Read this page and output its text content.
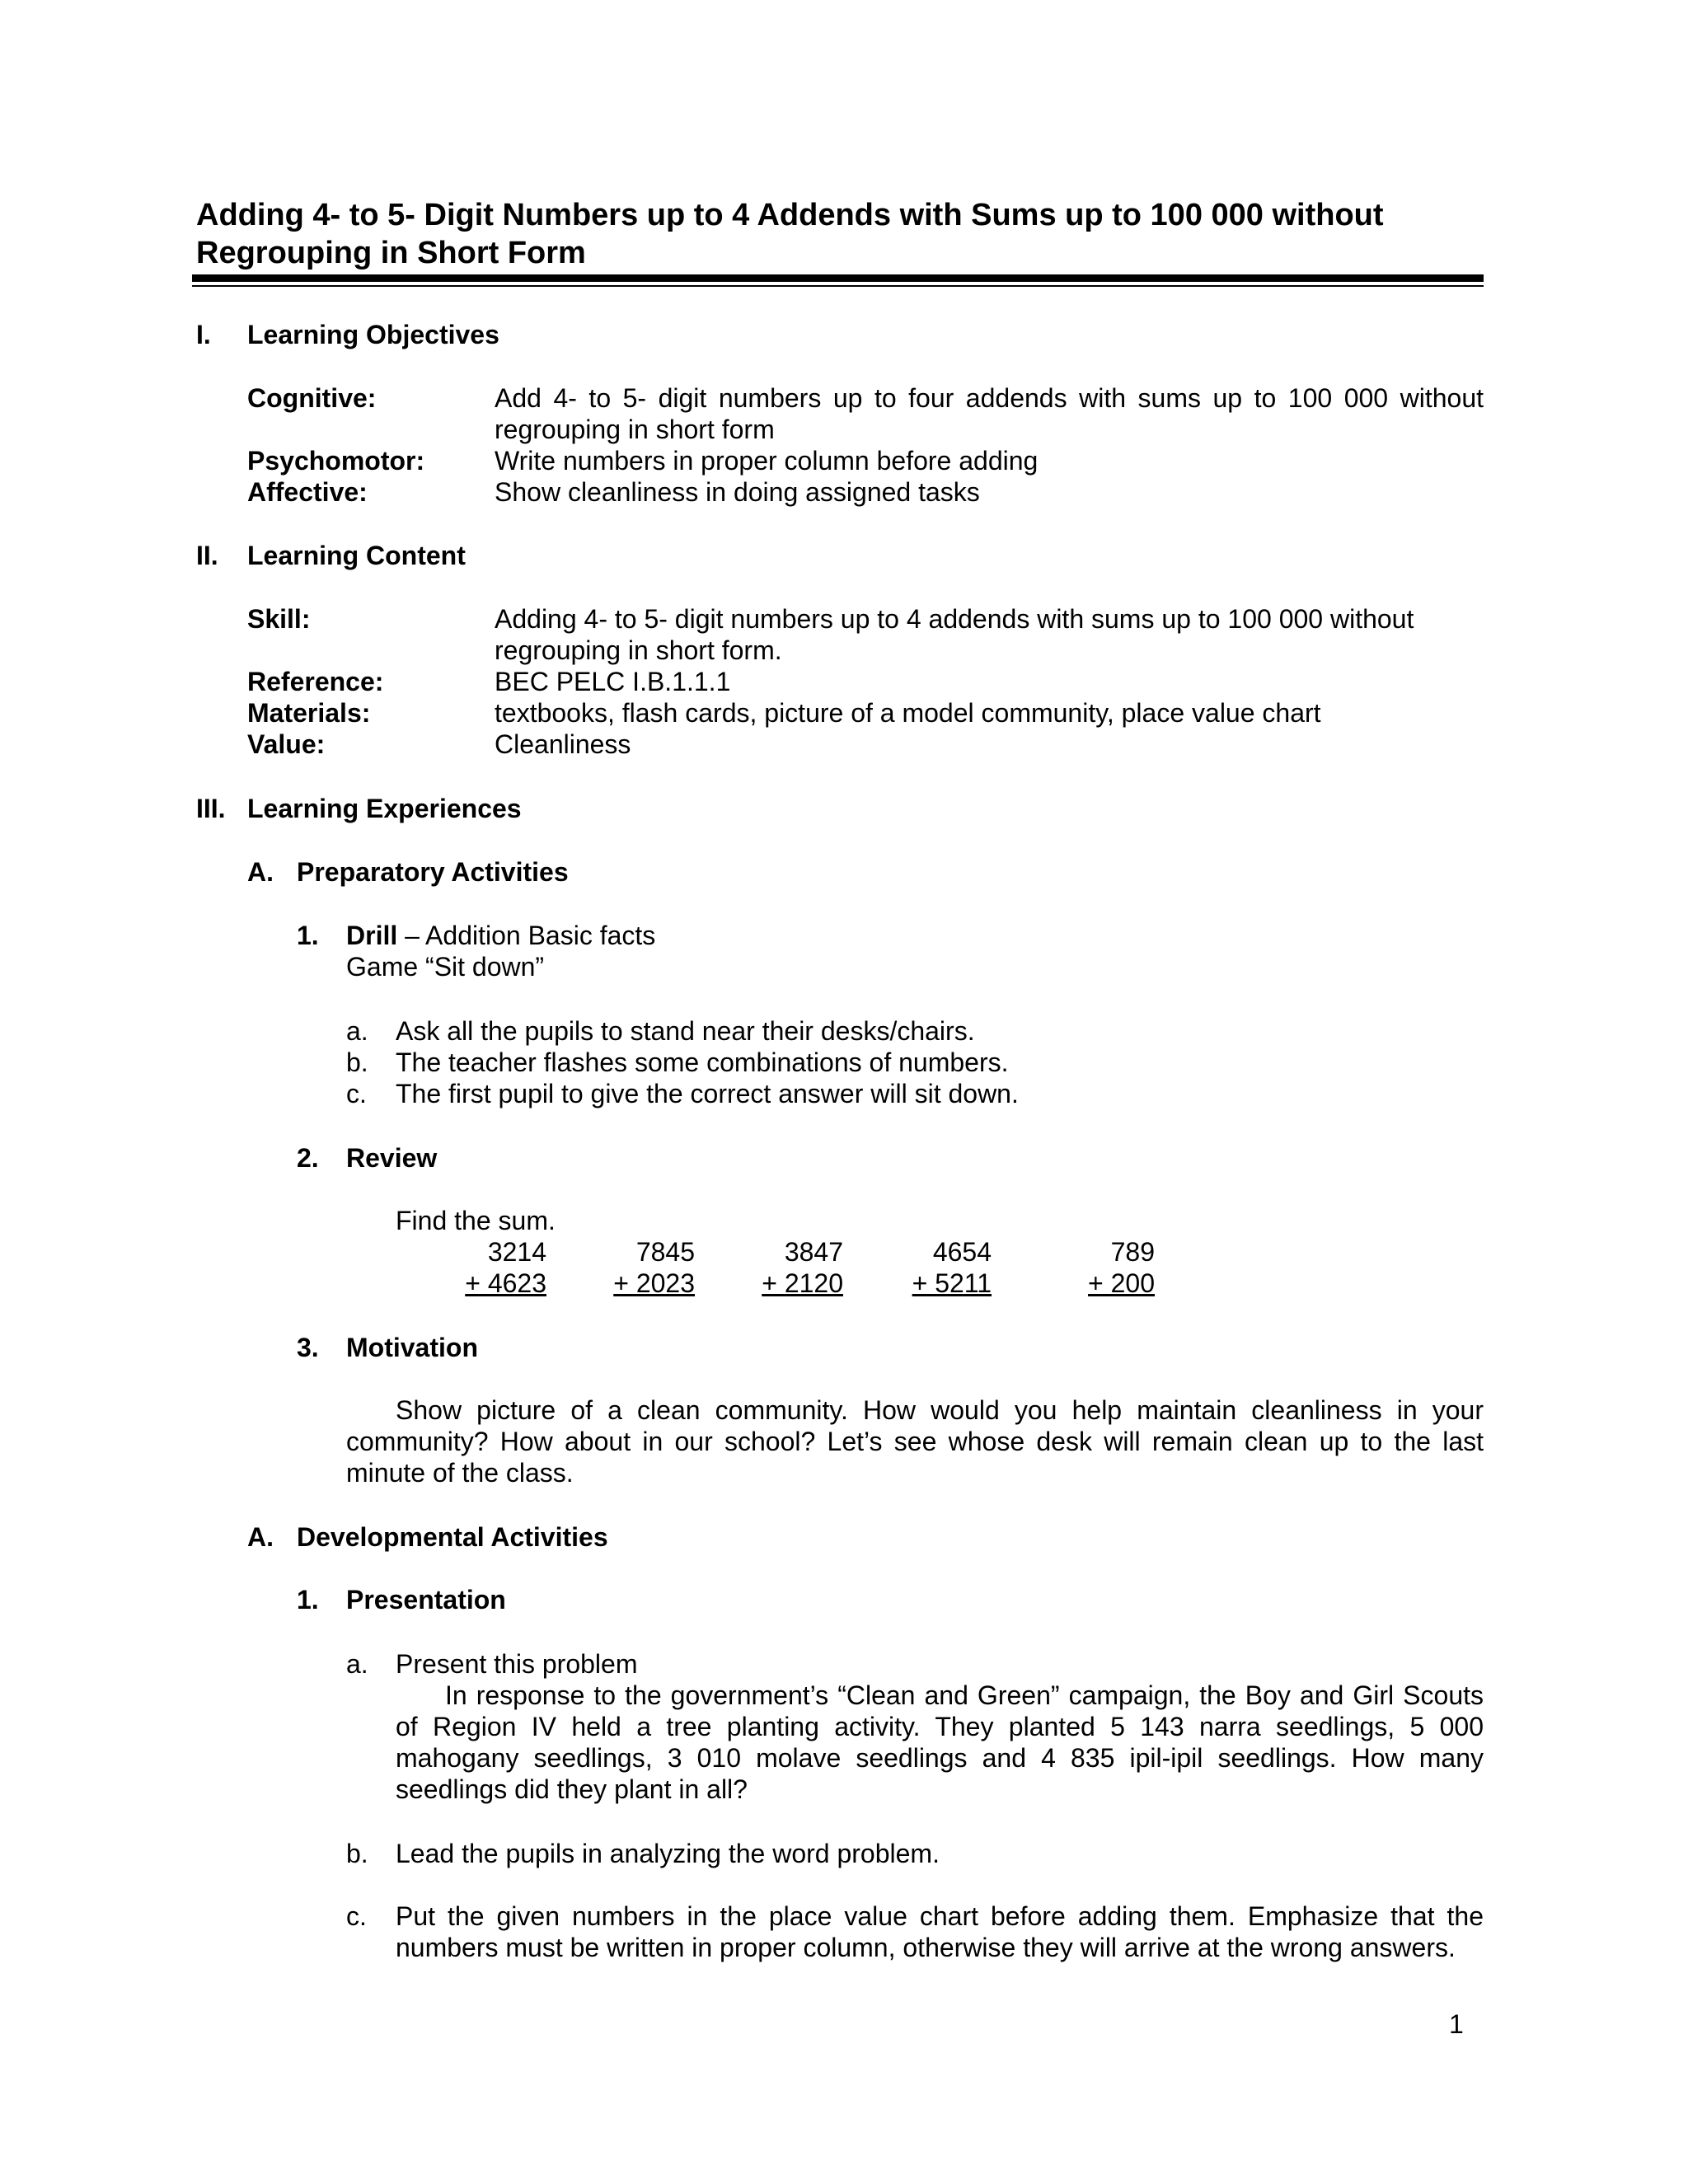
Adding 4- to 5- Digit Numbers up to 4 Addends with Sums up to 100 000 without Regrouping in Short Form
I. Learning Objectives
Cognitive:	Add 4- to 5- digit numbers up to four addends with sums up to 100 000 without regrouping in short form
Psychomotor:	Write numbers in proper column before adding
Affective:	Show cleanliness in doing assigned tasks
II. Learning Content
Skill:	Adding 4- to 5- digit numbers up to 4 addends with sums up to 100 000 without regrouping in short form.
Reference:	BEC PELC I.B.1.1.1
Materials:	textbooks, flash cards, picture of a model community, place value chart
Value:	Cleanliness
III. Learning Experiences
A. Preparatory Activities
1. Drill – Addition Basic facts
Game “Sit down”
a. Ask all the pupils to stand near their desks/chairs.
b. The teacher flashes some combinations of numbers.
c. The first pupil to give the correct answer will sit down.
2. Review
Find the sum.
3214
+ 4623
7845
+ 2023
3847
+ 2120
4654
+ 5211
789
+ 200
3. Motivation
Show picture of a clean community. How would you help maintain cleanliness in your community? How about in our school? Let’s see whose desk will remain clean up to the last minute of the class.
A. Developmental Activities
1. Presentation
a. Present this problem
In response to the government’s “Clean and Green” campaign, the Boy and Girl Scouts of Region IV held a tree planting activity. They planted 5 143 narra seedlings, 5 000 mahogany seedlings, 3 010 molave seedlings and 4 835 ipil-ipil seedlings. How many seedlings did they plant in all?
b. Lead the pupils in analyzing the word problem.
c. Put the given numbers in the place value chart before adding them. Emphasize that the numbers must be written in proper column, otherwise they will arrive at the wrong answers.
1
